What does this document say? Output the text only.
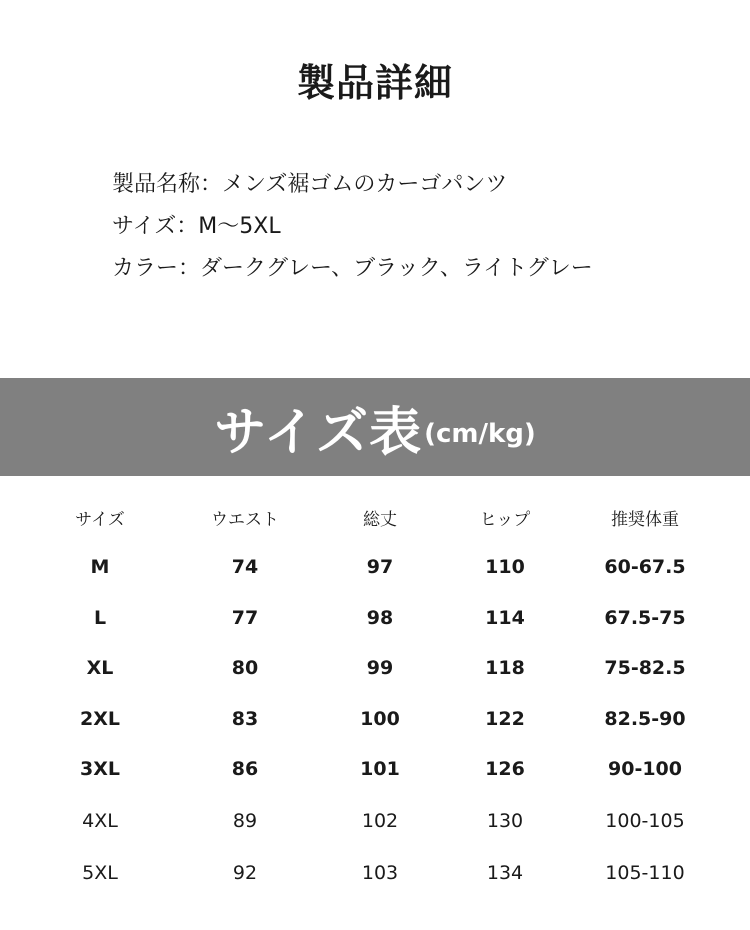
製品詳細
製品名称：メンズ裾ゴムのカーゴパンツ
サイズ：M〜5XL
カラー：ダークグレー、ブラック、ライトグレー
サイズ表 (cm/kg)
サイズ	ウエスト	総丈	ヒップ	推奨体重
M	74	97	110	60-67.5
L	77	98	114	67.5-75
XL	80	99	118	75-82.5
2XL	83	100	122	82.5-90
3XL	86	101	126	90-100
4XL	89	102	130	100-105
5XL	92	103	134	105-110
